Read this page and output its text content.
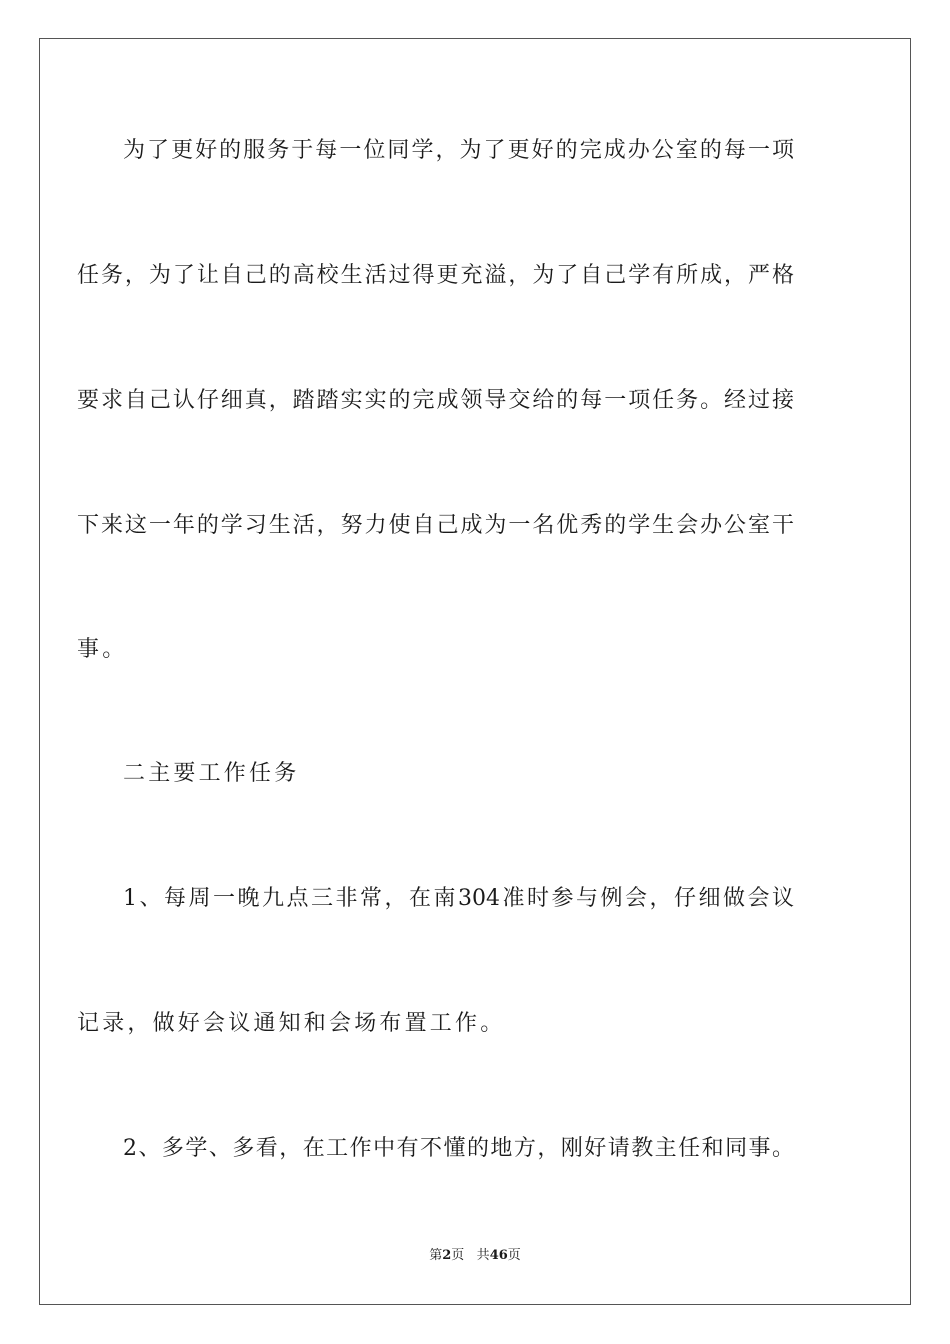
为了更好的服务于每一位同学，为了更好的完成办公室的每一项
任务，为了让自己的高校生活过得更充溢，为了自己学有所成，严格
要求自己认仔细真，踏踏实实的完成领导交给的每一项任务。经过接
下来这一年的学习生活，努力使自己成为一名优秀的学生会办公室干
事。
二主要工作任务
1、每周一晚九点三非常，在南304准时参与例会，仔细做会议
记录，做好会议通知和会场布置工作。
2、多学、多看，在工作中有不懂的地方，刚好请教主任和同事。
第2页 共46页
